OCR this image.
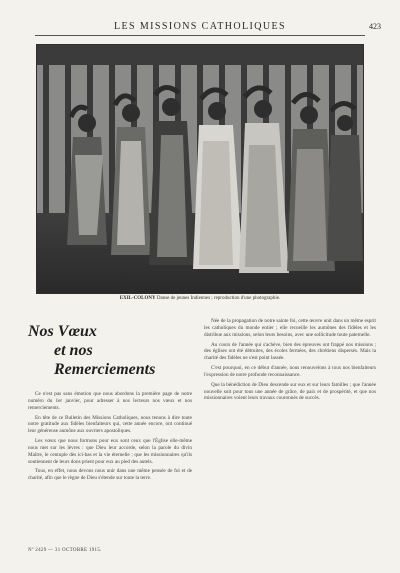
LES MISSIONS CATHOLIQUES	423
EXIL-COLONY Danse de jeunes Indiennes ; reproduction d'une photographie.
Nos Vœux
et nos Remerciements

Ce n'est pas sans émotion que nous abordons la première page de notre numéro du 1er janvier, pour adresser à nos lecteurs nos vœux et nos remerciements.

En tête de ce Bulletin des Missions Catholiques, nous tenons à dire toute notre gratitude aux fidèles bienfaiteurs qui, cette année encore, ont continué leur généreuse aumône aux ouvriers apostoliques.

Les vœux que nous formons pour eux sont ceux que l'Église elle-même nous met sur les lèvres : que Dieu leur accorde, selon la parole du divin Maître, le centuple dès ici-bas et la vie éternelle ; que les missionnaires qu'ils soutiennent de leurs dons prient pour eux au pied des autels.

Tous, en effet, nous devons nous unir dans une même pensée de foi et de charité, afin que le règne de Dieu s'étende sur toute la terre.

Née de la propagation de notre sainte foi, cette œuvre unit dans un même esprit les catholiques du monde entier ; elle recueille les aumônes des fidèles et les distribue aux missions, selon leurs besoins, avec une sollicitude toute paternelle.

Au cours de l'année qui s'achève, bien des épreuves ont frappé nos missions ; des églises ont été détruites, des écoles fermées, des chrétiens dispersés. Mais la charité des fidèles ne s'est point lassée.

C'est pourquoi, en ce début d'année, nous renouvelons à tous nos bienfaiteurs l'expression de notre profonde reconnaissance.

Que la bénédiction de Dieu descende sur eux et sur leurs familles ; que l'année nouvelle soit pour tous une année de grâce, de paix et de prospérité, et que nos missionnaires voient leurs travaux couronnés de succès.

Nº 2429 — 31 OCTOBRE 1915.
